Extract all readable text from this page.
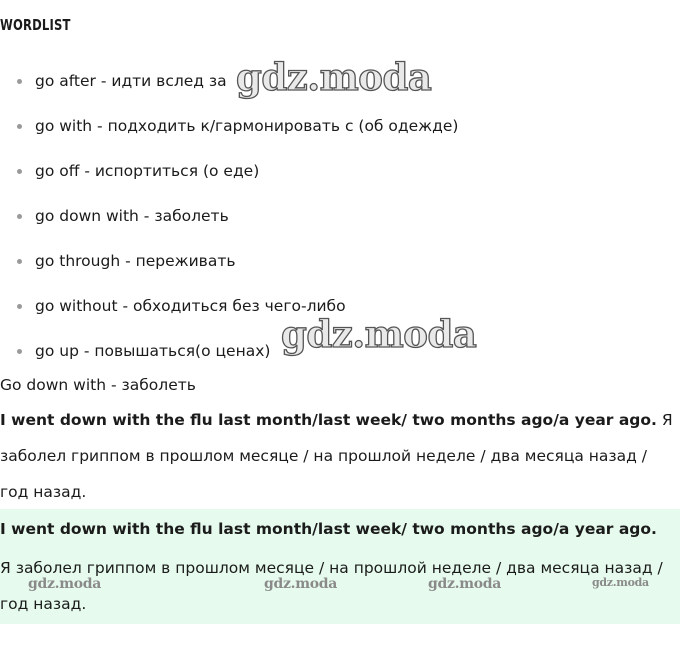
WORDLIST
go after - идти вслед за
go with - подходить к/гармонировать с (об одежде)
go off - испортиться (о еде)
go down with - заболеть
go through - переживать
go without - обходиться без чего-либо
go up - повышаться(о ценах)

Go down with - заболеть

I went down with the flu last month/last week/ two months ago/a year ago. Я заболел гриппом в прошлом месяце / на прошлой неделе / два месяца назад / год назад.

I went down with the flu last month/last week/ two months ago/a year ago.

Я заболел гриппом в прошлом месяце / на прошлой неделе / два месяца назад / год назад.

gdz.moda
gdz.moda
gdz.moda	gdz.moda	gdz.moda	gdz.moda
